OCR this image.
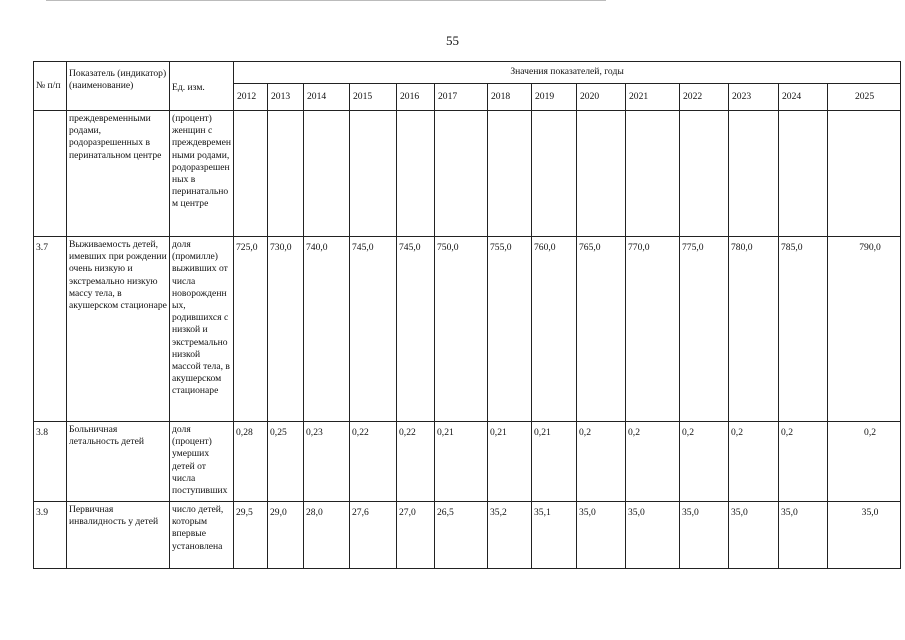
55
№ п/п	Показатель (индикатор) (наименование)	Ед. изм.	Значения показателей, годы													
			2012	2013	2014	2015	2016	2017	2018	2019	2020	2021	2022	2023	2024	2025
	преждевременными родами, родоразрешенных в перинатальном центре	(процент) женщин с преждевременными родами, родоразрешенных в перинатальном центре														
3.7	Выживаемость детей, имевших при рождении очень низкую и экстремально низкую массу тела, в акушерском стационаре	доля (промилле) выживших от числа новорожденных, родившихся с низкой и экстремально низкой массой тела, в акушерском стационаре	725,0	730,0	740,0	745,0	745,0	750,0	755,0	760,0	765,0	770,0	775,0	780,0	785,0	790,0
3.8	Больничная летальность детей	доля (процент) умерших детей от числа поступивших	0,28	0,25	0,23	0,22	0,22	0,21	0,21	0,21	0,2	0,2	0,2	0,2	0,2	0,2
3.9	Первичная инвалидность у детей	число детей, которым впервые установлена	29,5	29,0	28,0	27,6	27,0	26,5	35,2	35,1	35,0	35,0	35,0	35,0	35,0	35,0
